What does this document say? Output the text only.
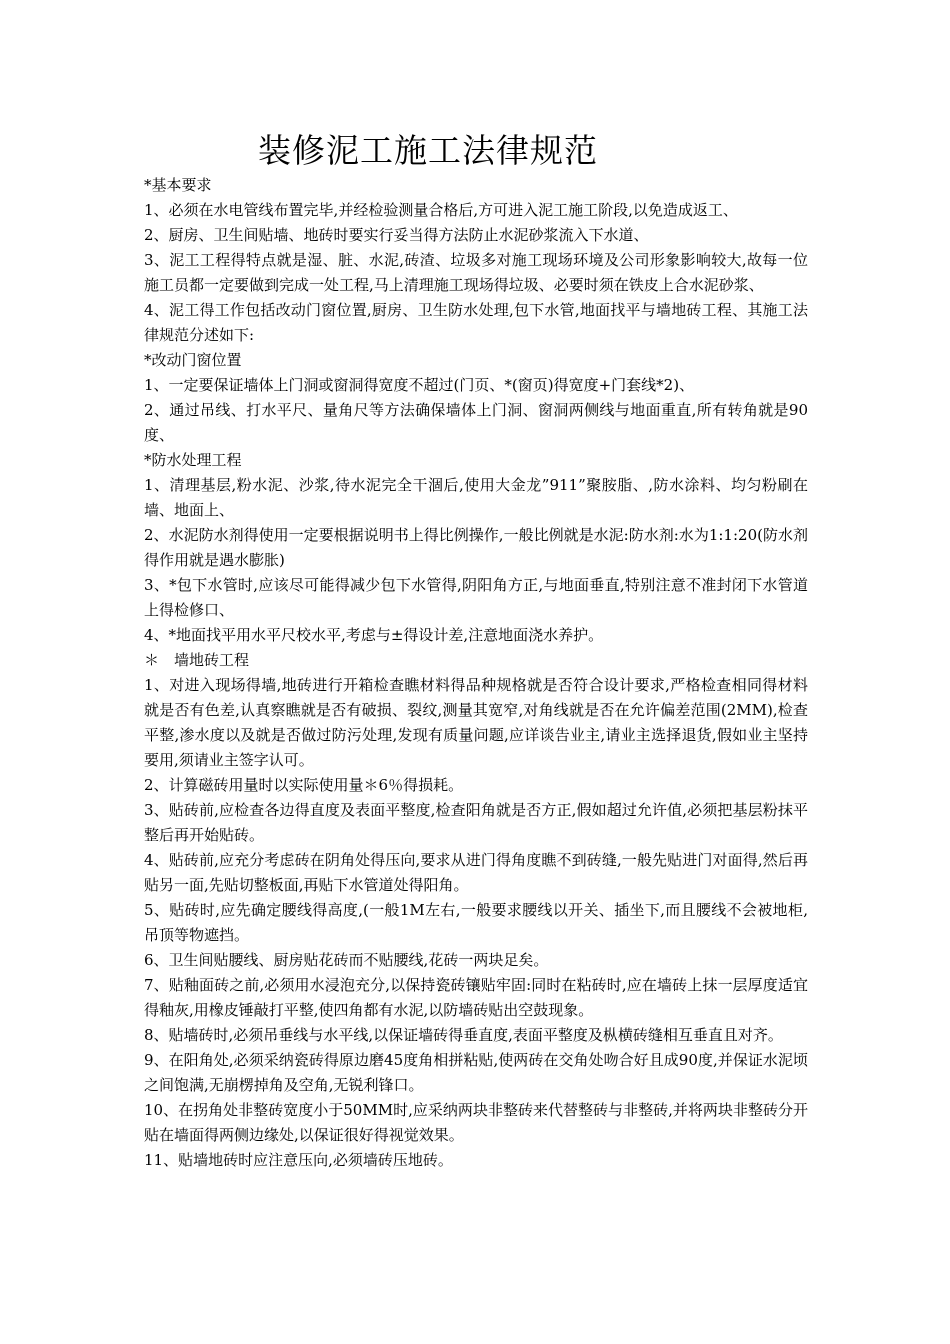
装修泥工施工法律规范

*基本要求

1、必须在水电管线布置完毕,并经检验测量合格后,方可进入泥工施工阶段,以免造成返工、

2、厨房、卫生间贴墙、地砖时要实行妥当得方法防止水泥砂浆流入下水道、

3、泥工工程得特点就是湿、脏、水泥,砖渣、垃圾多对施工现场环境及公司形象影响较大,故每一位施工员都一定要做到完成一处工程,马上清理施工现场得垃圾、必要时须在铁皮上合水泥砂浆、

4、泥工得工作包括改动门窗位置,厨房、卫生防水处理,包下水管,地面找平与墙地砖工程、其施工法律规范分述如下:

*改动门窗位置

1、一定要保证墙体上门洞或窗洞得宽度不超过(门页、*(窗页)得宽度+门套线*2)、

2、通过吊线、打水平尺、量角尺等方法确保墙体上门洞、窗洞两侧线与地面重直,所有转角就是90度、

*防水处理工程

1、清理基层,粉水泥、沙浆,待水泥完全干涸后,使用大金龙”911”聚胺脂、,防水涂料、均匀粉刷在墙、地面上、

2、水泥防水剂得使用一定要根据说明书上得比例操作,一般比例就是水泥:防水剂:水为1:1:20(防水剂得作用就是遇水膨胀)

3、*包下水管时,应该尽可能得减少包下水管得,阴阳角方正,与地面垂直,特别注意不准封闭下水管道上得检修口、

4、*地面找平用水平尺校水平,考虑与±得设计差,注意地面浇水养护。

＊　墙地砖工程

1、对进入现场得墙,地砖进行开箱检查瞧材料得品种规格就是否符合设计要求,严格检查相同得材料就是否有色差,认真察瞧就是否有破损、裂纹,测量其宽窄,对角线就是否在允许偏差范围(2MM),检查平整,渗水度以及就是否做过防污处理,发现有质量问题,应详谈告业主,请业主选择退货,假如业主坚持要用,须请业主签字认可。

2、计算磁砖用量时以实际使用量＊6％得损耗。

3、贴砖前,应检查各边得直度及表面平整度,检查阳角就是否方正,假如超过允许值,必须把基层粉抹平整后再开始贴砖。

4、贴砖前,应充分考虑砖在阴角处得压向,要求从进门得角度瞧不到砖缝,一般先贴进门对面得,然后再贴另一面,先贴切整板面,再贴下水管道处得阳角。

5、贴砖时,应先确定腰线得高度,(一般1M左右,一般要求腰线以开关、插坐下,而且腰线不会被地柜,吊顶等物遮挡。

6、卫生间贴腰线、厨房贴花砖而不贴腰线,花砖一两块足矣。

7、贴釉面砖之前,必须用水浸泡充分,以保持瓷砖镶贴牢固:同时在粘砖时,应在墙砖上抹一层厚度适宜得釉灰,用橡皮锤敲打平整,使四角都有水泥,以防墙砖贴出空鼓现象。

8、贴墙砖时,必须吊垂线与水平线,以保证墙砖得垂直度,表面平整度及枞横砖缝相互垂直且对齐。

9、在阳角处,必须采纳瓷砖得原边磨45度角相拼粘贴,使两砖在交角处吻合好且成90度,并保证水泥顷之间饱满,无崩楞掉角及空角,无锐利锋口。

10、在拐角处非整砖宽度小于50MM时,应采纳两块非整砖来代替整砖与非整砖,并将两块非整砖分开贴在墙面得两侧边缘处,以保证很好得视觉效果。

11、贴墙地砖时应注意压向,必须墙砖压地砖。
